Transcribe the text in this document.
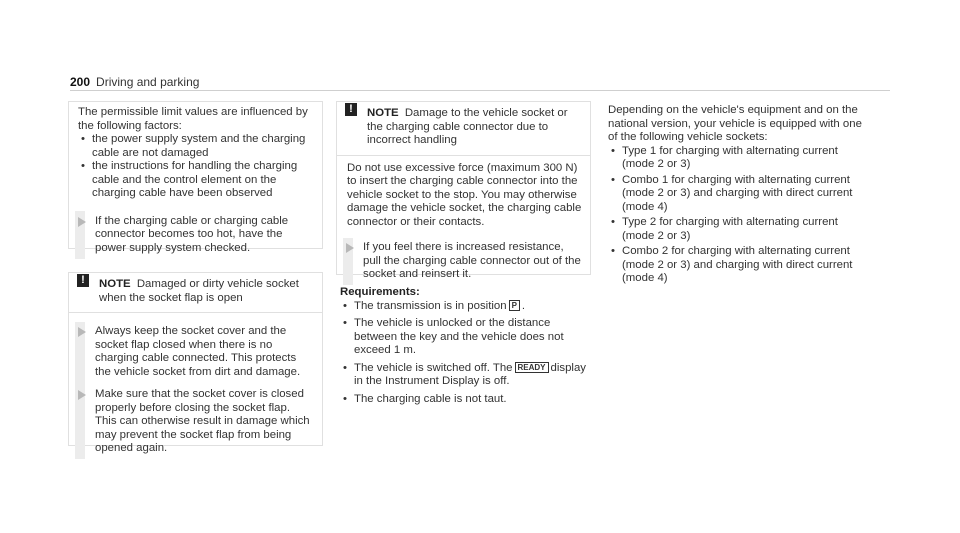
200 Driving and parking

The permissible limit values are influenced by the following factors:

• the power supply system and the charging cable are not damaged
• the instructions for handling the charging cable and the control element on the charging cable have been observed

If the charging cable or charging cable connector becomes too hot, have the power supply system checked.

!	NOTE Damaged or dirty vehicle socket when the socket flap is open

Always keep the socket cover and the socket flap closed when there is no charging cable connected. This protects the vehicle socket from dirt and damage.

Make sure that the socket cover is closed properly before closing the socket flap. This can otherwise result in damage which may prevent the socket flap from being opened again.

!	NOTE Damage to the vehicle socket or the charging cable connector due to incorrect handling

Do not use excessive force (maximum 300 N) to insert the charging cable connector into the vehicle socket to the stop. You may otherwise damage the vehicle socket, the charging cable connector or their contacts.

If you feel there is increased resistance, pull the charging cable connector out of the socket and reinsert it.

Requirements:

• The transmission is in position P .
• The vehicle is unlocked or the distance between the key and the vehicle does not exceed 1 m.
• The vehicle is switched off. The READY display in the Instrument Display is off.
• The charging cable is not taut.

Depending on the vehicle's equipment and on the national version, your vehicle is equipped with one of the following vehicle sockets:

• Type 1 for charging with alternating current (mode 2 or 3)
• Combo 1 for charging with alternating current (mode 2 or 3) and charging with direct current (mode 4)
• Type 2 for charging with alternating current (mode 2 or 3)
• Combo 2 for charging with alternating current (mode 2 or 3) and charging with direct current (mode 4)
